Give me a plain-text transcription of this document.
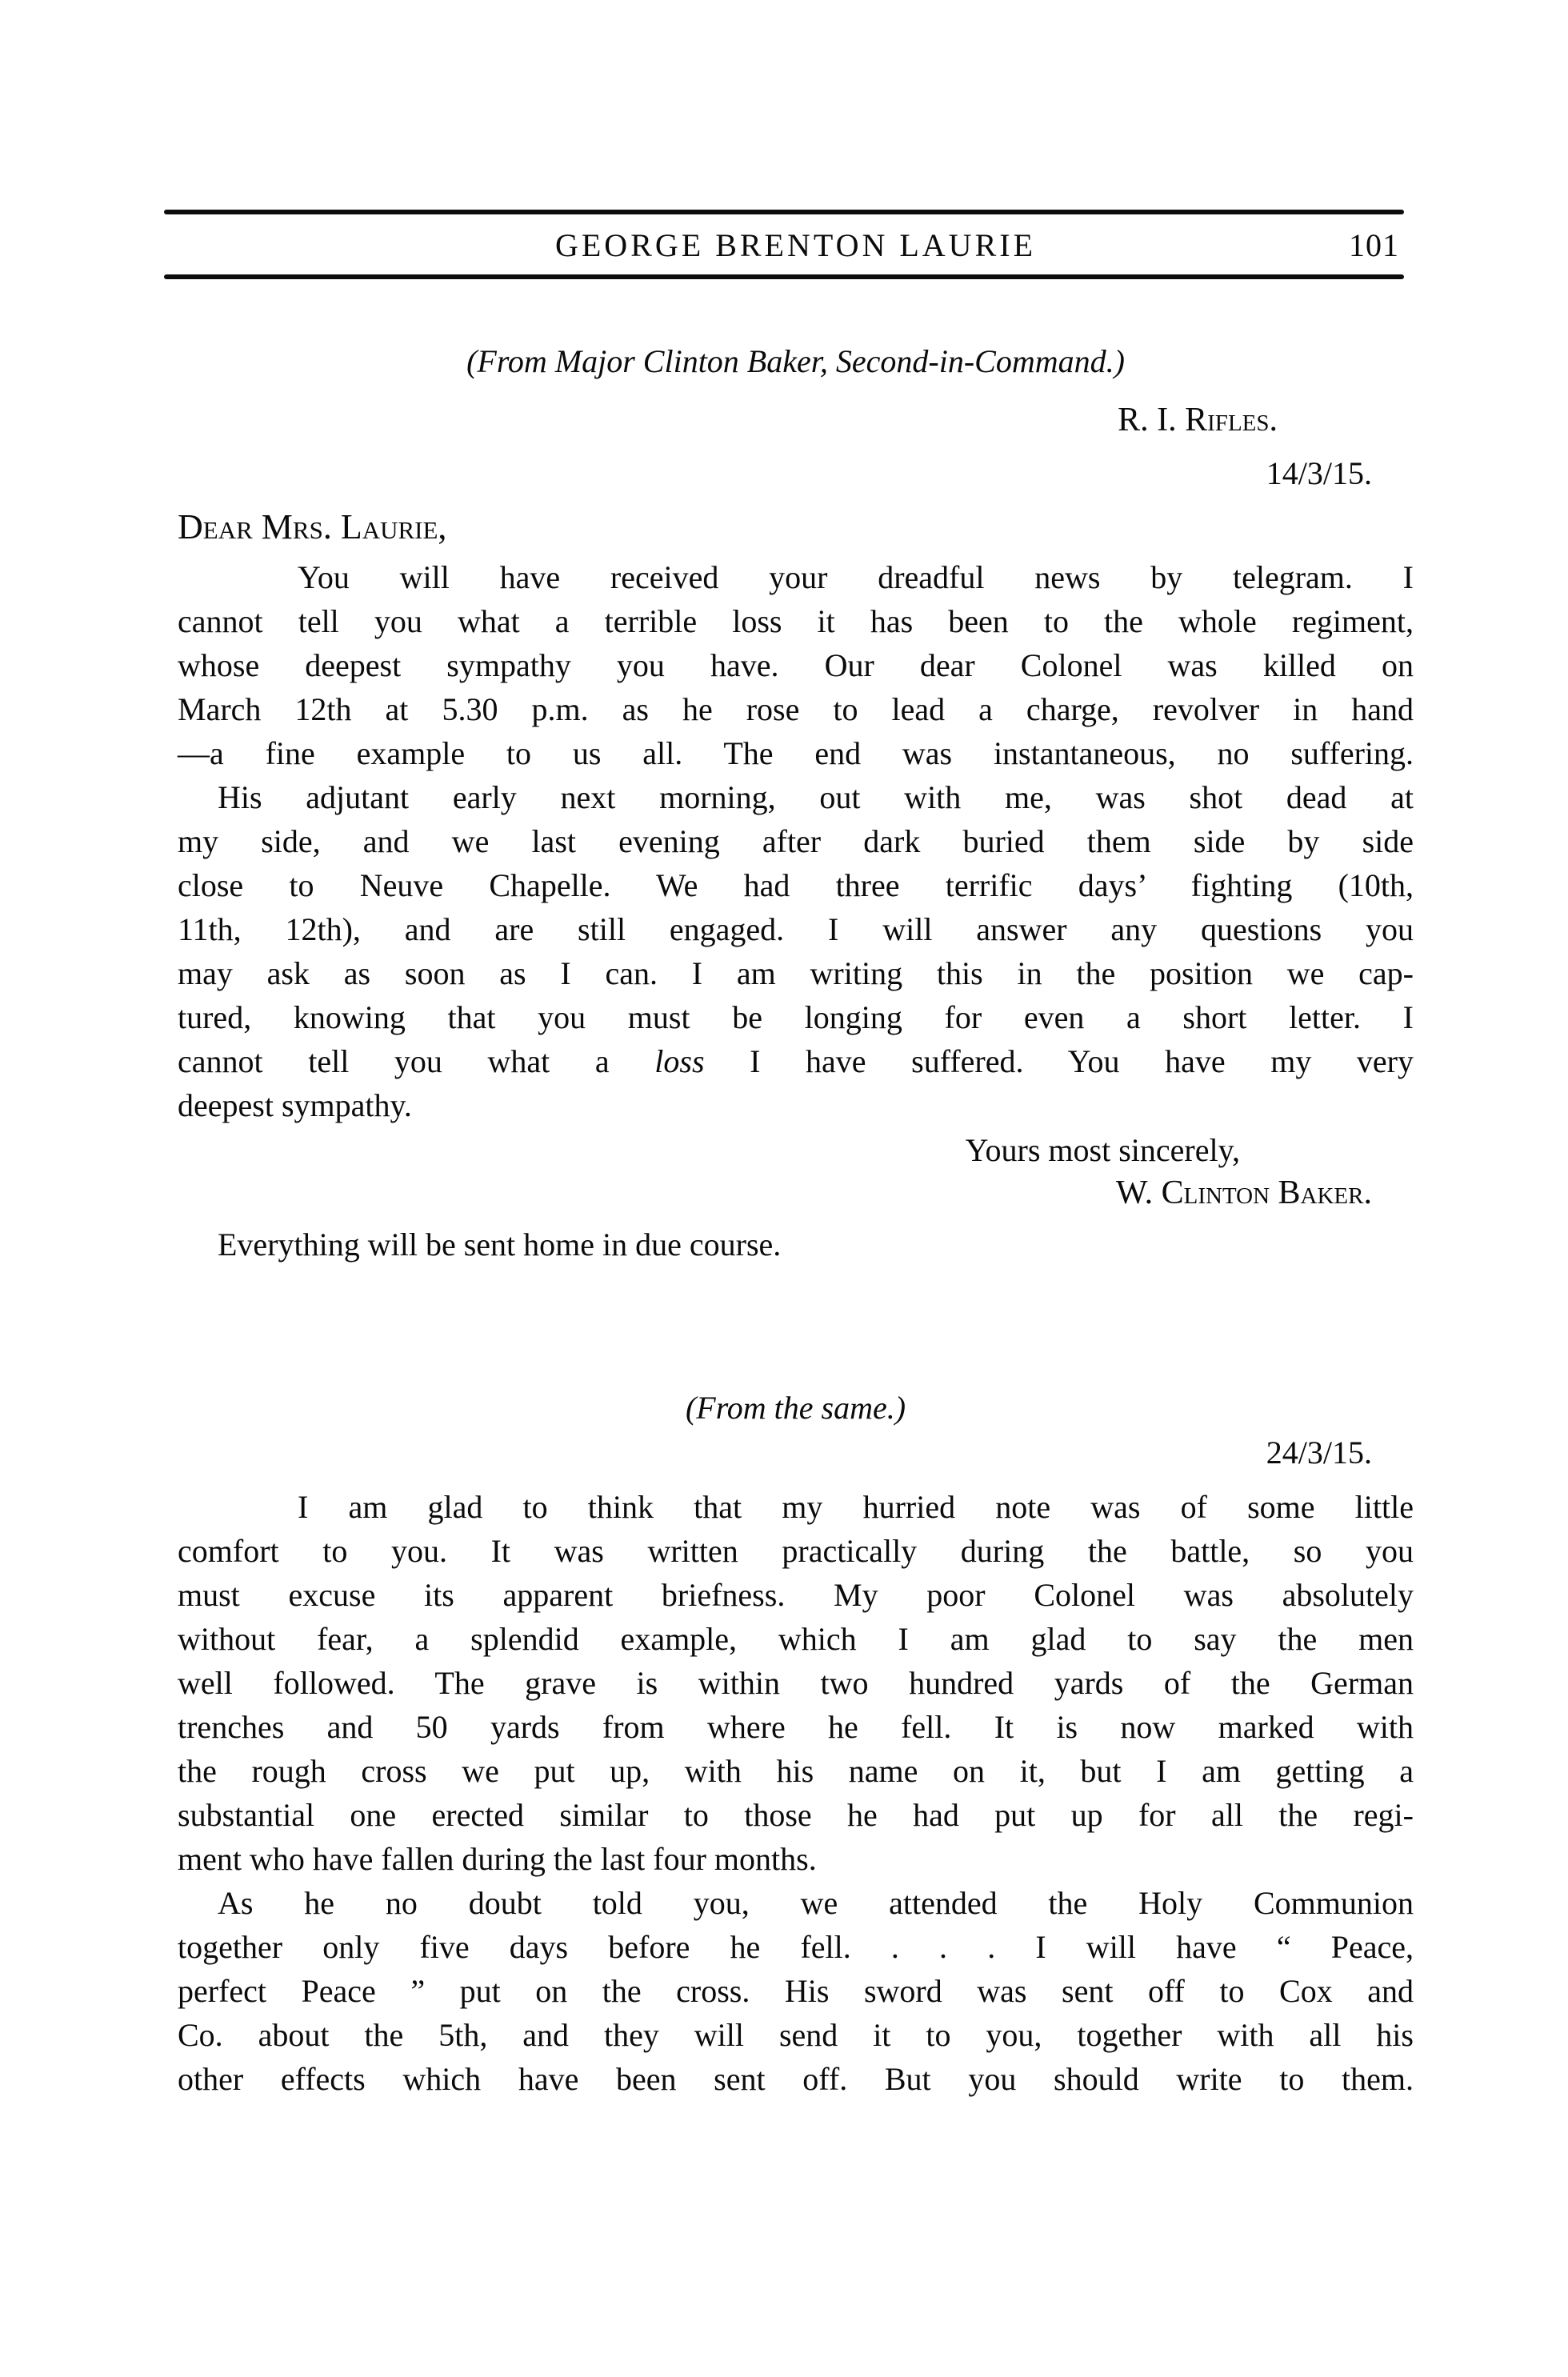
GEORGE BRENTON LAURIE	101
(From Major Clinton Baker, Second-in-Command.)
R. I. Rifles.
14/3/15.
Dear Mrs. Laurie,
You will have received your dreadful news by telegram. I
cannot tell you what a terrible loss it has been to the whole regiment,
whose deepest sympathy you have. Our dear Colonel was killed on
March 12th at 5.30 p.m. as he rose to lead a charge, revolver in hand
—a fine example to us all. The end was instantaneous, no suffering.
His adjutant early next morning, out with me, was shot dead at
my side, and we last evening after dark buried them side by side
close to Neuve Chapelle. We had three terrific days’ fighting (10th,
11th, 12th), and are still engaged. I will answer any questions you
may ask as soon as I can. I am writing this in the position we cap-
tured, knowing that you must be longing for even a short letter. I
cannot tell you what a loss I have suffered. You have my very
deepest sympathy.
Yours most sincerely,
W. Clinton Baker.
Everything will be sent home in due course.
(From the same.)
24/3/15.
I am glad to think that my hurried note was of some little
comfort to you. It was written practically during the battle, so you
must excuse its apparent briefness. My poor Colonel was absolutely
without fear, a splendid example, which I am glad to say the men
well followed. The grave is within two hundred yards of the German
trenches and 50 yards from where he fell. It is now marked with
the rough cross we put up, with his name on it, but I am getting a
substantial one erected similar to those he had put up for all the regi-
ment who have fallen during the last four months.
As he no doubt told you, we attended the Holy Communion
together only five days before he fell. . . . I will have “ Peace,
perfect Peace ” put on the cross. His sword was sent off to Cox and
Co. about the 5th, and they will send it to you, together with all his
other effects which have been sent off. But you should write to them.
